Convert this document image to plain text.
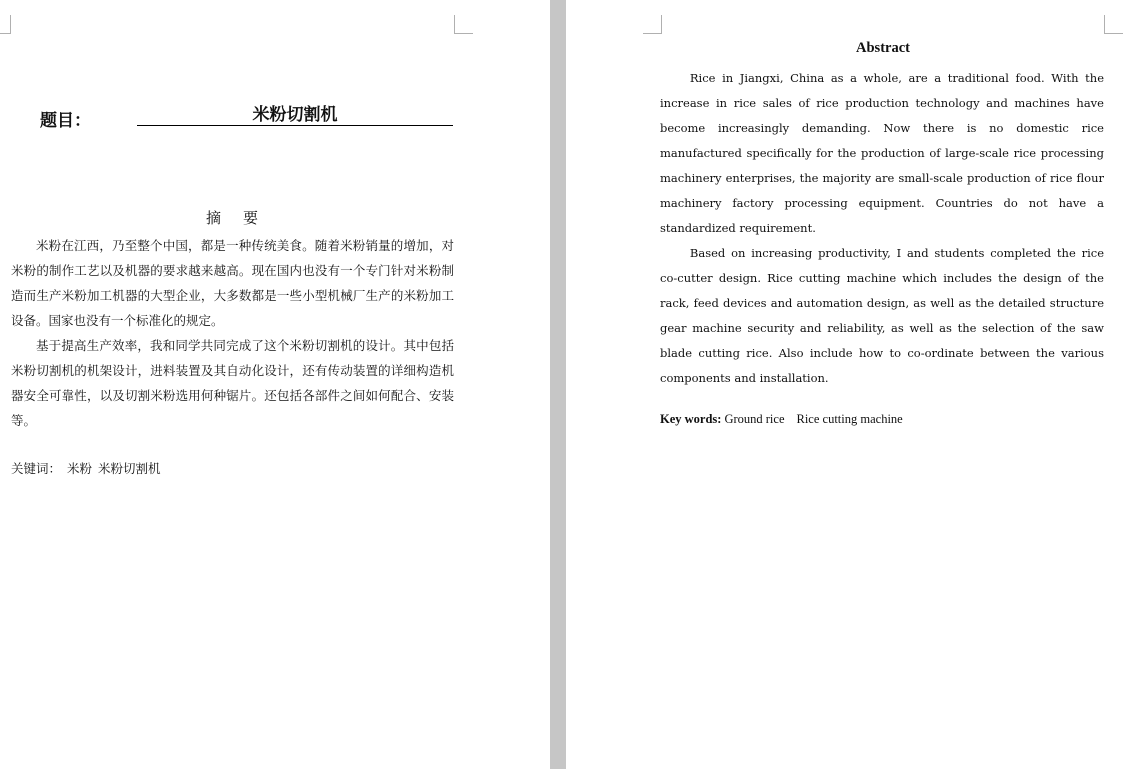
题目：	米粉切割机
摘要

米粉在江西，乃至整个中国，都是一种传统美食。随着米粉销量的增加，对米粉的制作工艺以及机器的要求越来越高。现在国内也没有一个专门针对米粉制造而生产米粉加工机器的大型企业，大多数都是一些小型机械厂生产的米粉加工设备。国家也没有一个标准化的规定。

基于提高生产效率，我和同学共同完成了这个米粉切割机的设计。其中包括米粉切割机的机架设计，进料装置及其自动化设计，还有传动装置的详细构造机器安全可靠性，以及切割米粉选用何种锯片。还包括各部件之间如何配合、安装等。

关键词： 米粉 米粉切割机
Abstract

Rice in Jiangxi, China as a whole, are a traditional food. With the increase in rice sales of rice production technology and machines have become increasingly demanding. Now there is no domestic rice manufactured specifically for the production of large-scale rice processing machinery enterprises, the majority are small-scale production of rice flour machinery factory processing equipment. Countries do not have a standardized requirement.

Based on increasing productivity, I and students completed the rice co-cutter design. Rice cutting machine which includes the design of the rack, feed devices and automation design, as well as the detailed structure gear machine security and reliability, as well as the selection of the saw blade cutting rice. Also include how to co-ordinate between the various components and installation.

Key words: Ground rice Rice cutting machine
